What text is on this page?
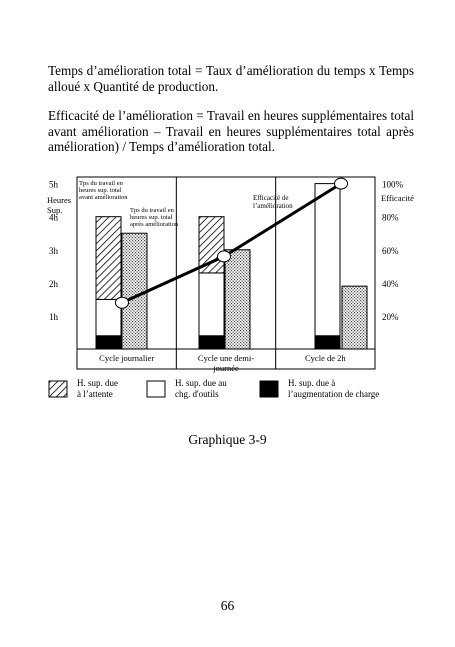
Temps d’amélioration total = Taux d’amélioration du temps x Temps alloué x Quantité de production.

Efficacité de l’amélioration = Travail en heures supplémentaires total avant amélioration – Travail en heures supplémentaires total après amélioration) / Temps d’amélioration total.

1h
2h
3h
4h
5h
Heures
Sup.
20%
40%
60%
80%
100%
Efficacité
Tps du travail en
heures sup. total
avant amélioration
Tps du travail en
heures sup. total
après amélioration
Efficacité de
l’amélioration
Cycle journalier	Cycle une demi-
journée
Cycle de 2h
H. sup. due
à l’attente
H. sup. due au
chg. d'outils
H. sup. due à
l’augmentation de charge
Graphique 3-9
66
